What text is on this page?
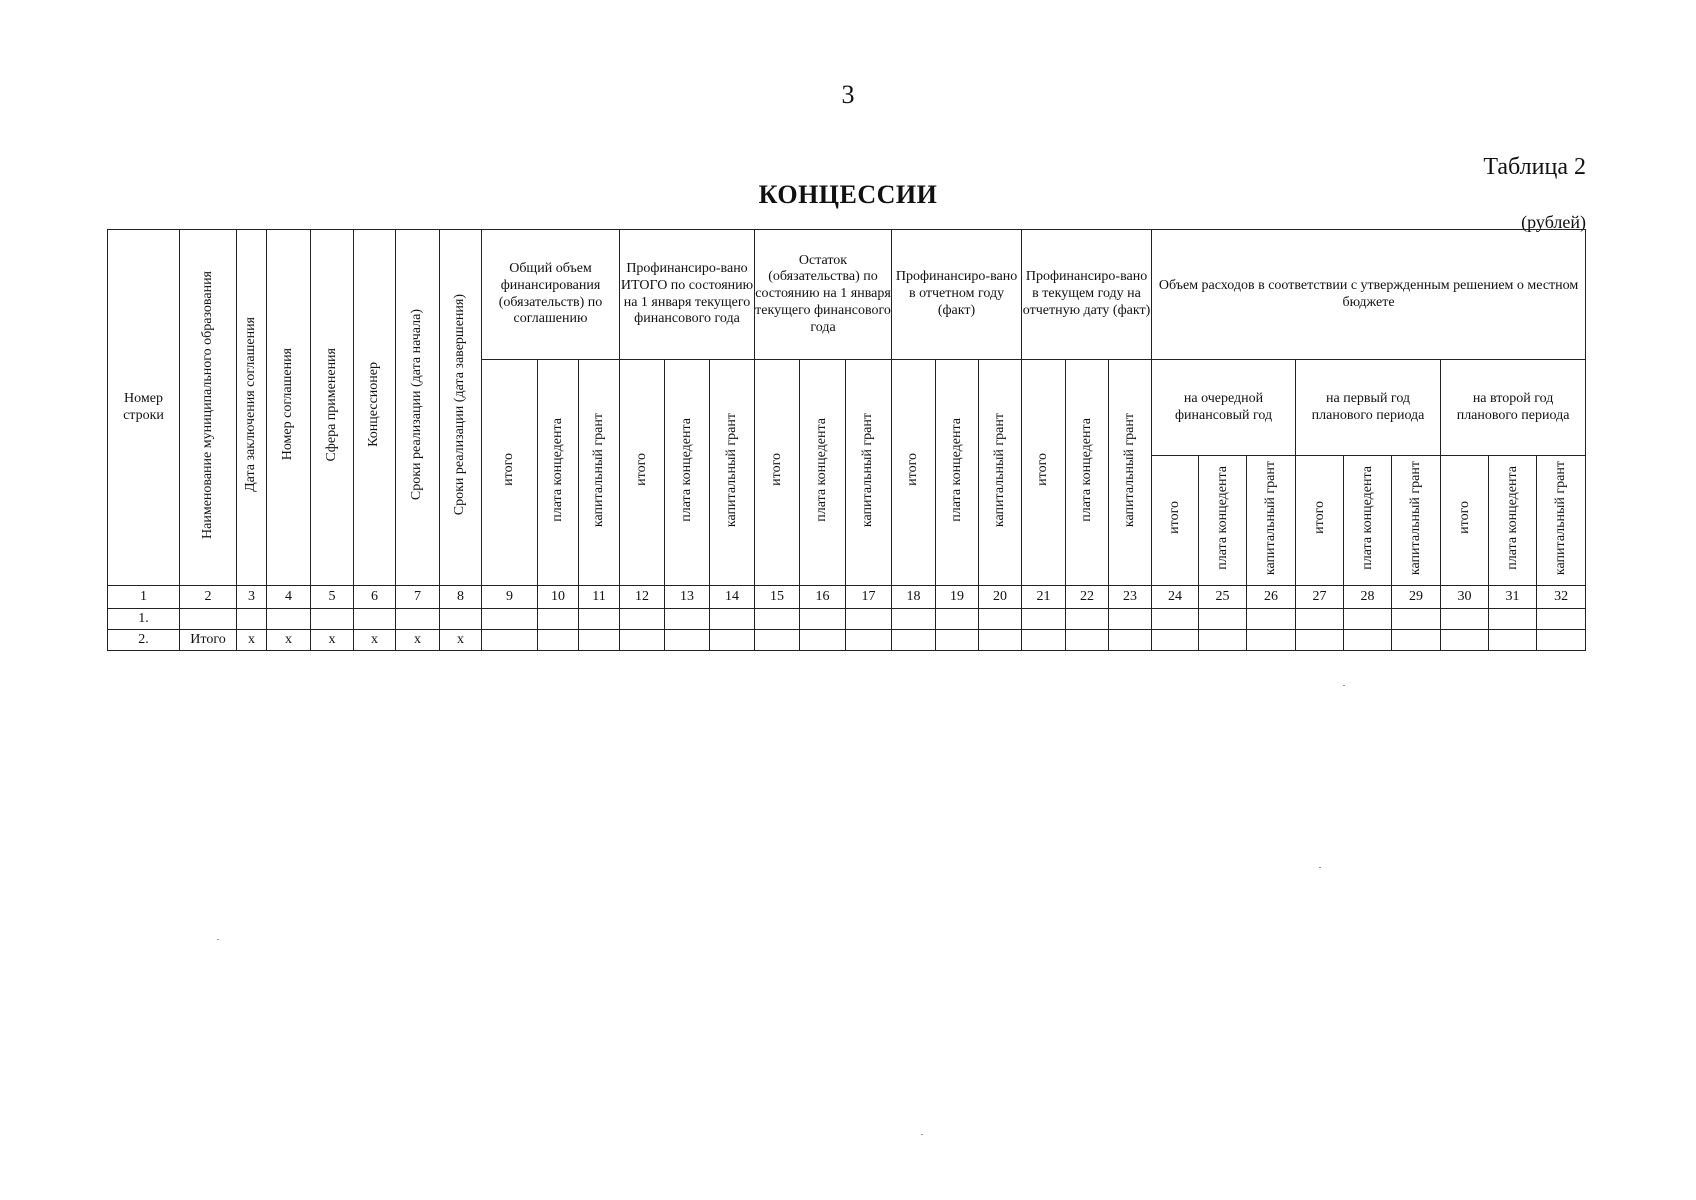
3
Таблица 2
КОНЦЕССИИ
(рублей)
Номер строки	Наименование муниципального образования	Дата заключения соглашения	Номер соглашения	Сфера применения	Концессионер	Сроки реализации (дата начала)	Сроки реализации (дата завершения)	Общий объем финансирования (обязательств) по соглашению			Профинансиро-вано ИТОГО по состоянию на 1 января текущего финансового года			Остаток (обязательства) по состоянию на 1 января текущего финансового года			Профинансиро-вано в отчетном году (факт)			Профинансиро-вано в текущем году на отчетную дату (факт)			Объем расходов в соответствии с утвержденным решением о местном бюджете								
								итого	плата концедента	капитальный грант	итого	плата концедента	капитальный грант	итого	плата концедента	капитальный грант	итого	плата концедента	капитальный грант	итого	плата концедента	капитальный грант	на очередной финансовый год			на первый год планового периода			на второй год планового периода		
																							итого	плата концедента	капитальный грант	итого	плата концедента	капитальный грант	итого	плата концедента	капитальный грант
1	2	3	4	5	6	7	8	9	10	11	12	13	14	15	16	17	18	19	20	21	22	23	24	25	26	27	28	29	30	31	32
1.																															
2.	Итого	х	х	х	х	х	х																								
